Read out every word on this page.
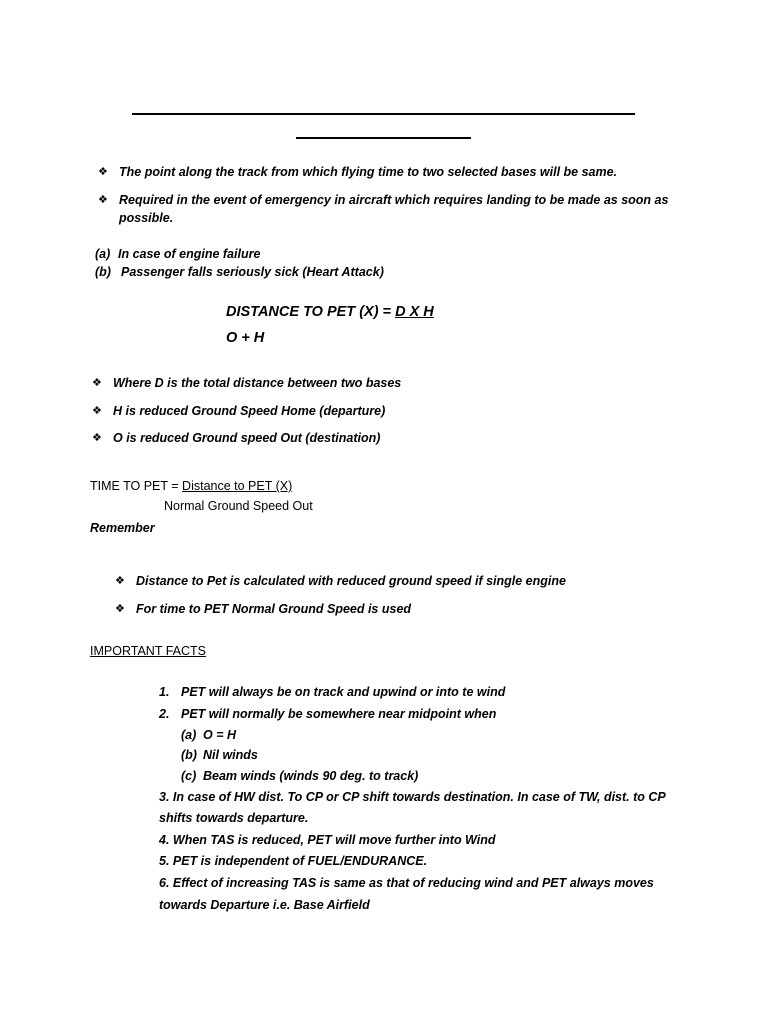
❖ The point along the track from which flying time to two selected bases will be same.
❖ Required in the event of emergency in aircraft which requires landing to be made as soon as possible.
(a) In case of engine failure
(b) Passenger falls seriously sick (Heart Attack)
DISTANCE TO PET (X) = D X H
O + H
❖ Where D is the total distance between two bases
❖ H is reduced Ground Speed Home (departure)
❖ O is reduced Ground speed Out (destination)
TIME TO PET = Distance to PET (X)
Normal Ground Speed Out
Remember
❖ Distance to Pet is calculated with reduced ground speed if single engine
❖ For time to PET Normal Ground Speed is used
IMPORTANT FACTS
1. PET will always be on track and upwind or into te wind
2. PET will normally be somewhere near midpoint when
(a) O = H
(b) Nil winds
(c) Beam winds (winds 90 deg. to track)
3. In case of HW dist. To CP or CP shift towards destination. In case of TW, dist. to CP
shifts towards departure.
4. When TAS is reduced, PET will move further into Wind
5. PET is independent of FUEL/ENDURANCE.
6. Effect of increasing TAS is same as that of reducing wind and PET always moves
towards Departure i.e. Base Airfield
